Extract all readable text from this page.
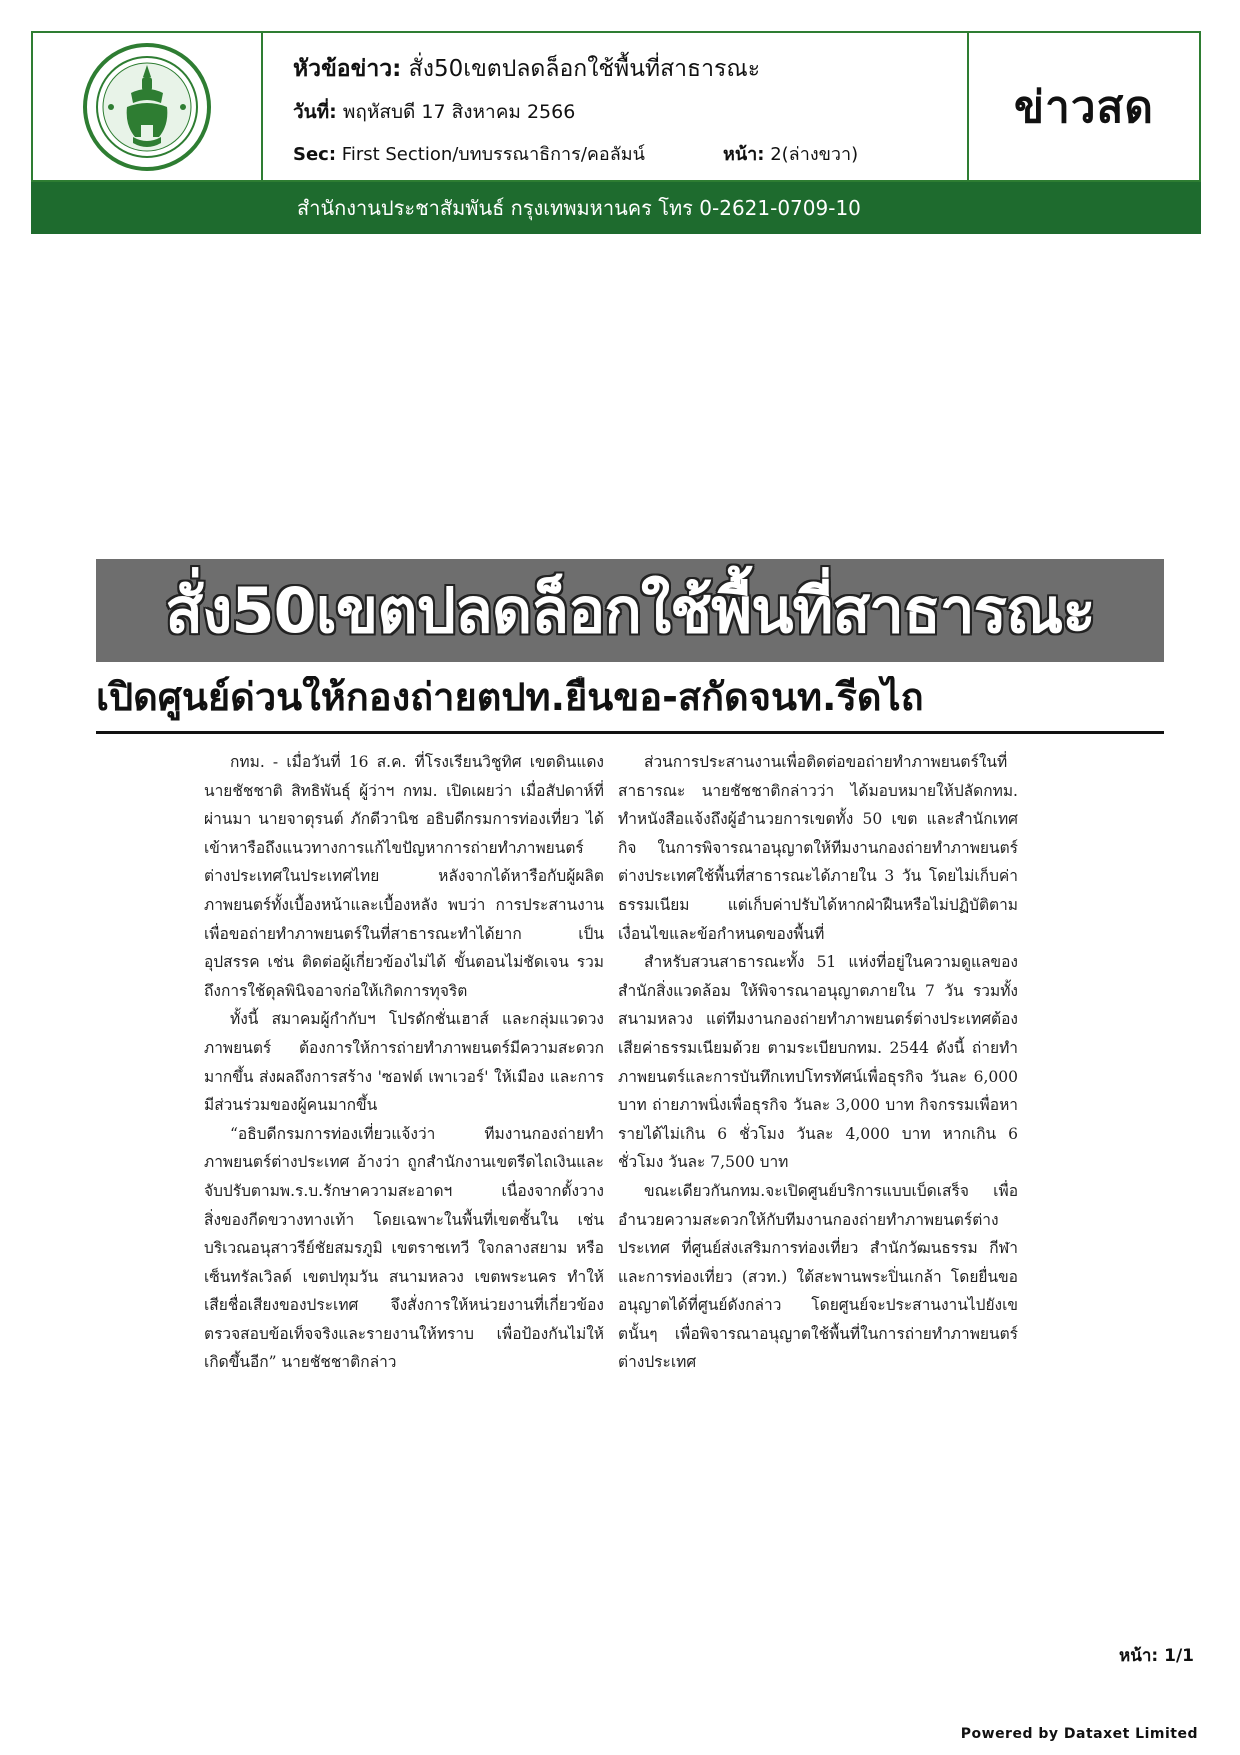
หัวข้อข่าว: สั่ง50เขตปลดล็อกใช้พื้นที่สาธารณะ
วันที่: พฤหัสบดี 17 สิงหาคม 2566
Sec: First Section/บทบรรณาธิการ/คอลัมน์	หน้า: 2(ล่างขวา)
ข่าวสด
สำนักงานประชาสัมพันธ์ กรุงเทพมหานคร โทร 0-2621-0709-10
สั่ง50เขตปลดล็อกใช้พื้นที่สาธารณะ
เปิดศูนย์ด่วนให้กองถ่ายตปท.ยื่นขอ-สกัดจนท.รีดไถ

กทม. - เมื่อวันที่ 16 ส.ค. ที่โรงเรียนวิชูทิศ เขตดินแดง นายชัชชาติ สิทธิพันธุ์ ผู้ว่าฯ กทม. เปิดเผยว่า เมื่อสัปดาห์ที่ผ่านมา นายจาตุรนต์ ภักดีวานิช อธิบดีกรมการท่องเที่ยว ได้เข้าหารือถึงแนวทางการแก้ไขปัญหาการถ่ายทำภาพยนตร์ต่างประเทศในประเทศไทย หลังจากได้หารือกับผู้ผลิตภาพยนตร์ทั้งเบื้องหน้าและเบื้องหลัง พบว่า การประสานงานเพื่อขอถ่ายทำภาพยนตร์ในที่สาธารณะทำได้ยาก เป็นอุปสรรค เช่น ติดต่อผู้เกี่ยวข้องไม่ได้ ขั้นตอนไม่ชัดเจน รวมถึงการใช้ดุลพินิจอาจก่อให้เกิดการทุจริต

ทั้งนี้ สมาคมผู้กำกับฯ โปรดักชั่นเฮาส์ และกลุ่มแวดวงภาพยนตร์ ต้องการให้การถ่ายทำภาพยนตร์มีความสะดวกมากขึ้น ส่งผลถึงการสร้าง 'ซอฟต์ เพาเวอร์' ให้เมือง และการมีส่วนร่วมของผู้คนมากขึ้น

“อธิบดีกรมการท่องเที่ยวแจ้งว่า ทีมงานกองถ่ายทำภาพยนตร์ต่างประเทศ อ้างว่า ถูกสำนักงานเขตรีดไถเงินและจับปรับตามพ.ร.บ.รักษาความสะอาดฯ เนื่องจากตั้งวางสิ่งของกีดขวางทางเท้า โดยเฉพาะในพื้นที่เขตชั้นใน เช่น บริเวณอนุสาวรีย์ชัยสมรภูมิ เขตราชเทวี ใจกลางสยาม หรือเซ็นทรัลเวิลด์ เขตปทุมวัน สนามหลวง เขตพระนคร ทำให้เสียชื่อเสียงของประเทศ จึงสั่งการให้หน่วยงานที่เกี่ยวข้องตรวจสอบข้อเท็จจริงและรายงานให้ทราบ เพื่อป้องกันไม่ให้เกิดขึ้นอีก” นายชัชชาติกล่าว

ส่วนการประสานงานเพื่อติดต่อขอถ่ายทำภาพยนตร์ในที่สาธารณะ นายชัชชาติกล่าวว่า ได้มอบหมายให้ปลัดกทม. ทำหนังสือแจ้งถึงผู้อำนวยการเขตทั้ง 50 เขต และสำนักเทศกิจ ในการพิจารณาอนุญาตให้ทีมงานกองถ่ายทำภาพยนตร์ต่างประเทศใช้พื้นที่สาธารณะได้ภายใน 3 วัน โดยไม่เก็บค่าธรรมเนียม แต่เก็บค่าปรับได้หากฝ่าฝืนหรือไม่ปฏิบัติตามเงื่อนไขและข้อกำหนดของพื้นที่

สำหรับสวนสาธารณะทั้ง 51 แห่งที่อยู่ในความดูแลของสำนักสิ่งแวดล้อม ให้พิจารณาอนุญาตภายใน 7 วัน รวมทั้งสนามหลวง แต่ทีมงานกองถ่ายทำภาพยนตร์ต่างประเทศต้องเสียค่าธรรมเนียมด้วย ตามระเบียบกทม. 2544 ดังนี้ ถ่ายทำภาพยนตร์และการบันทึกเทปโทรทัศน์เพื่อธุรกิจ วันละ 6,000 บาท ถ่ายภาพนิ่งเพื่อธุรกิจ วันละ 3,000 บาท กิจกรรมเพื่อหารายได้ไม่เกิน 6 ชั่วโมง วันละ 4,000 บาท หากเกิน 6 ชั่วโมง วันละ 7,500 บาท

ขณะเดียวกันกทม.จะเปิดศูนย์บริการแบบเบ็ดเสร็จ เพื่ออำนวยความสะดวกให้กับทีมงานกองถ่ายทำภาพยนตร์ต่างประเทศ ที่ศูนย์ส่งเสริมการท่องเที่ยว สำนักวัฒนธรรม กีฬาและการท่องเที่ยว (สวท.) ใต้สะพานพระปิ่นเกล้า โดยยื่นขออนุญาตได้ที่ศูนย์ดังกล่าว โดยศูนย์จะประสานงานไปยังเขตนั้นๆ เพื่อพิจารณาอนุญาตใช้พื้นที่ในการถ่ายทำภาพยนตร์ต่างประเทศ

หน้า: 1/1
Powered by Dataxet Limited
